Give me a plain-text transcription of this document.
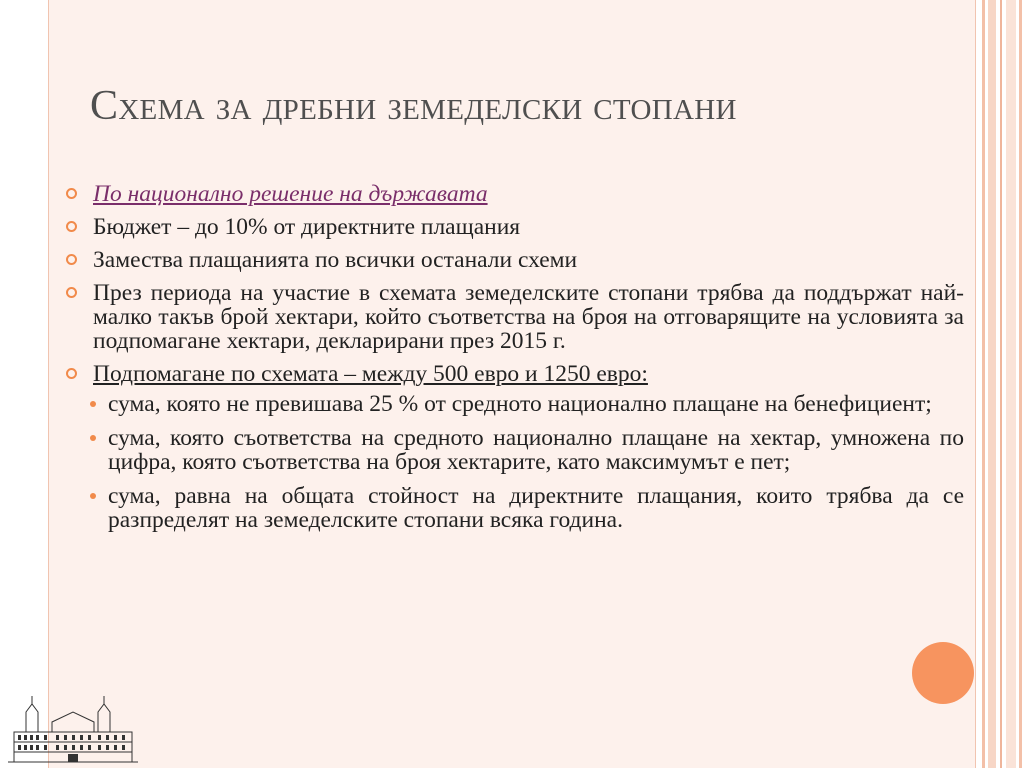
Схема за дребни земеделски стопани
По национално решение на държавата
Бюджет – до 10% от директните плащания
Замества плащанията по всички останали схеми
През периода на участие в схемата земеделските стопани трябва да поддържат най-малко такъв брой хектари, който съответства на броя на отговарящите на условията за подпомагане хектари, декларирани през 2015 г.
Подпомагане по схемата – между 500 евро и 1250 евро:
сума, която не превишава 25 % от средното национално плащане на бенефициент;
сума, която съответства на средното национално плащане на хектар, умножена по цифра, която съответства на броя хектарите, като максимумът е пет;
сума, равна на общата стойност на директните плащания, които трябва да се разпределят на земеделските стопани всяка година.
